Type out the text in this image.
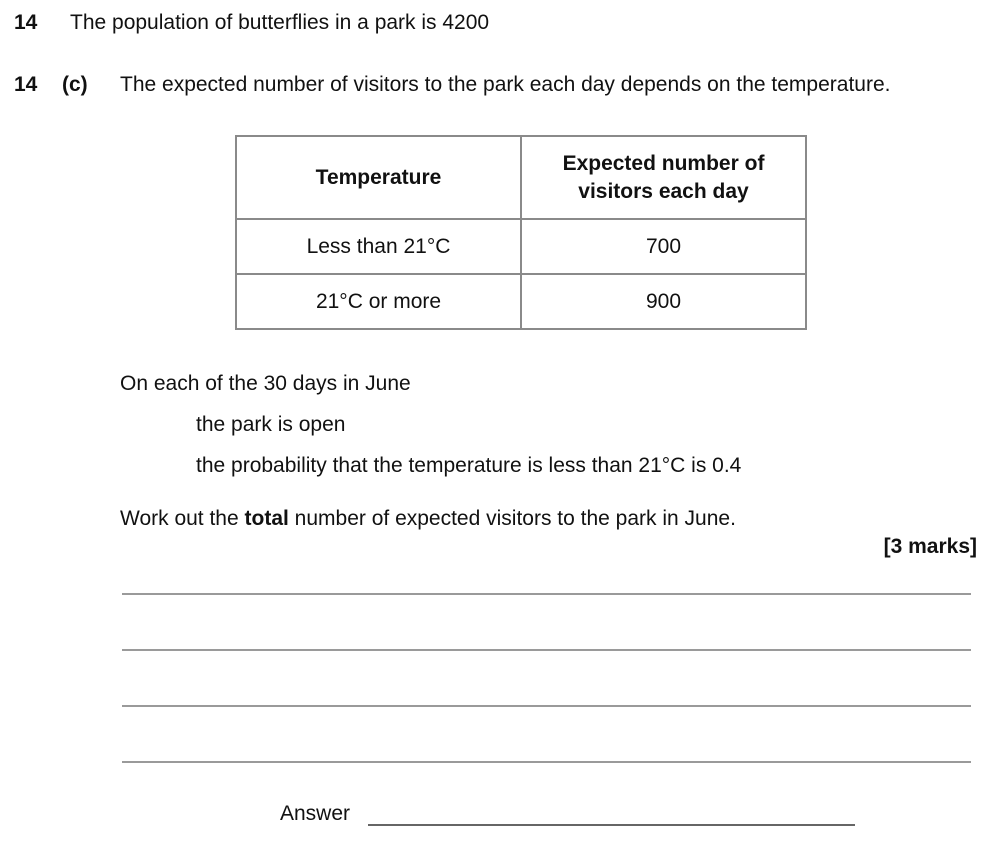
14 The population of butterflies in a park is 4200
14 (c) The expected number of visitors to the park each day depends on the temperature.
Temperature	Expected number of visitors each day

Less than 21°C	700
21°C or more	900
On each of the 30 days in June
the park is open
the probability that the temperature is less than 21°C is 0.4
Work out the total number of expected visitors to the park in June.
[3 marks]
Answer
